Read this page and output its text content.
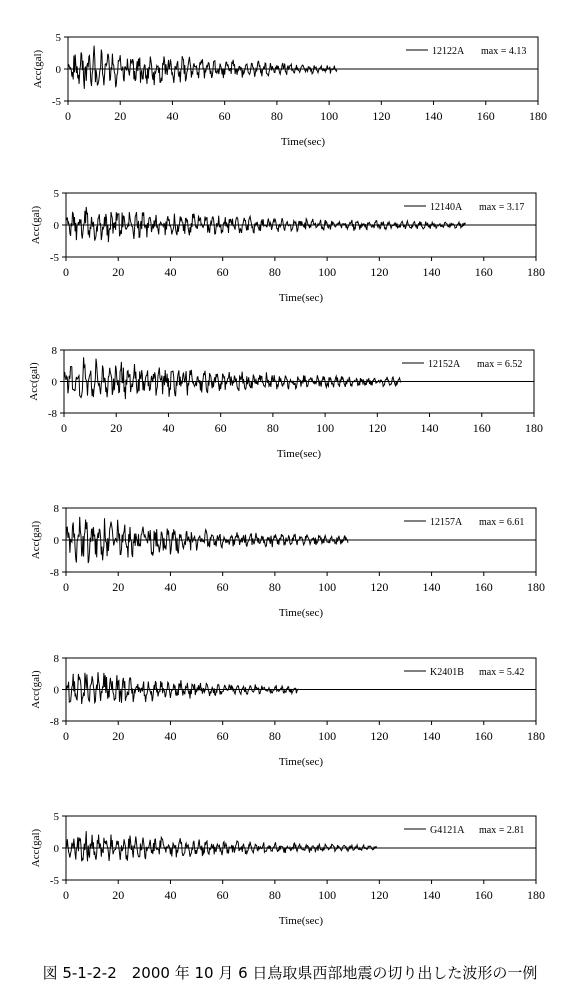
5
0
-5
0	20	40	60	80	100	120	140	160	180
Time(sec)
Acc(gal)	12122A max = 4.13
5
0
-5
0	20	40	60	80	100	120	140	160	180
Time(sec)
Acc(gal)	12140A max = 3.17
8
0
-8
0	20	40	60	80	100	120	140	160	180
Time(sec)
Acc(gal)	12152A max = 6.52
8
0
-8
0	20	40	60	80	100	120	140	160	180
Time(sec)
Acc(gal)	12157A max = 6.61
8
0
-8
0	20	40	60	80	100	120	140	160	180
Time(sec)
Acc(gal)	K2401B max = 5.42
5
0
-5
0	20	40	60	80	100	120	140	160	180
Time(sec)
Acc(gal)	G4121A max = 2.81
図 5-1-2-2　2000 年 10 月 6 日鳥取県西部地震の切り出した波形の一例
